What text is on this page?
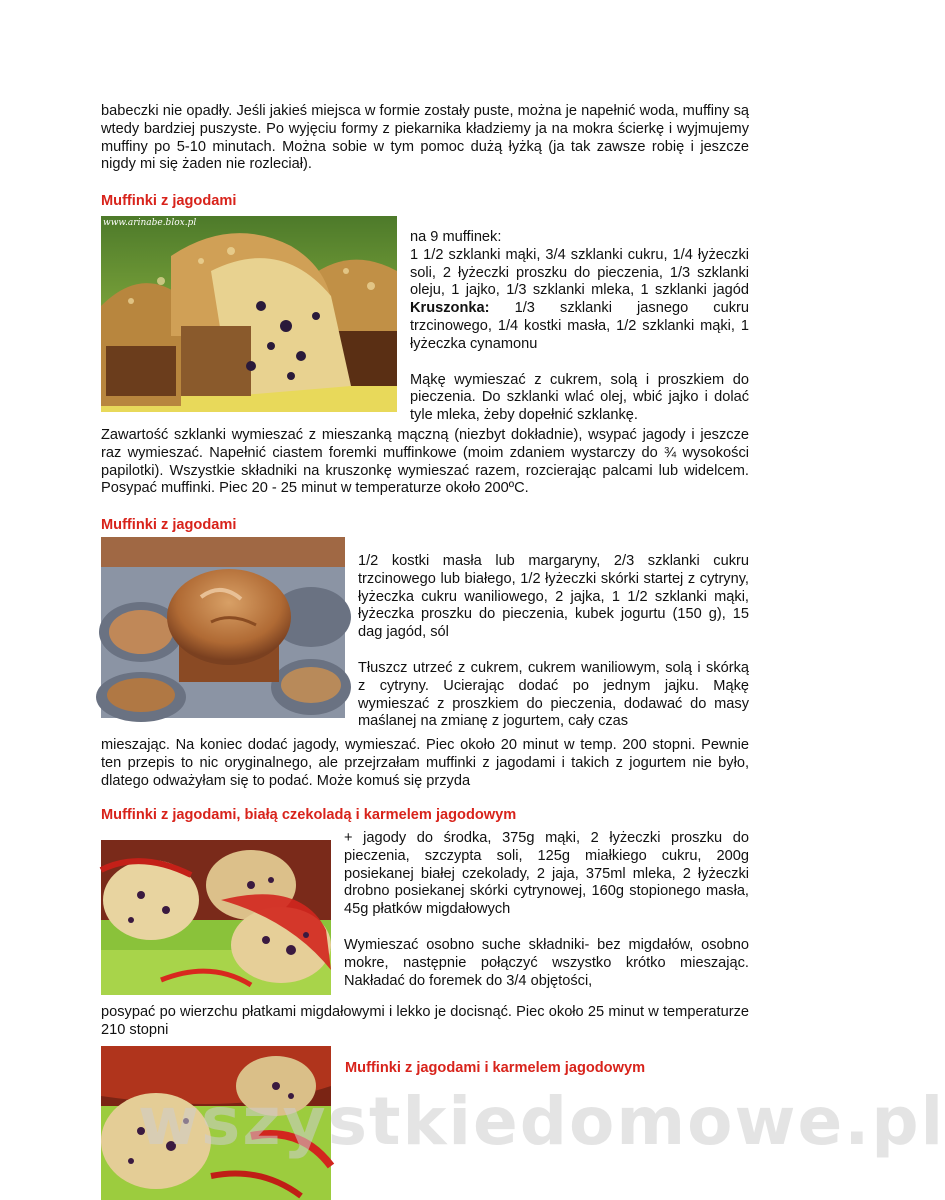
babeczki nie opadły. Jeśli jakieś miejsca w formie zostały puste, można je napełnić woda, muffiny są wtedy bardziej puszyste. Po wyjęciu formy z piekarnika kładziemy ja na mokra ścierkę i wyjmujemy muffiny po 5-10 minutach. Można sobie w tym pomoc dużą łyżką (ja tak zawsze robię i jeszcze nigdy mi się żaden nie rozleciał).

Muffinki z jagodami
www.arinabe.blox.pl

na 9 muffinek:

1 1/2 szklanki mąki, 3/4 szklanki cukru, 1/4 łyżeczki soli, 2 łyżeczki proszku do pieczenia, 1/3 szklanki oleju, 1 jajko, 1/3 szklanki mleka, 1 szklanki jagód Kruszonka: 1/3 szklanki jasnego cukru trzcinowego, 1/4 kostki masła, 1/2 szklanki mąki, 1 łyżeczka cynamonu

Mąkę wymieszać z cukrem, solą i proszkiem do pieczenia. Do szklanki wlać olej, wbić jajko i dolać tyle mleka, żeby dopełnić szklankę.

Zawartość szklanki wymieszać z mieszanką mączną (niezbyt dokładnie), wsypać jagody i jeszcze raz wymieszać. Napełnić ciastem foremki muffinkowe (moim zdaniem wystarczy do ¾ wysokości papilotki). Wszystkie składniki na kruszonkę wymieszać razem, rozcierając palcami lub widelcem. Posypać muffinki. Piec 20 - 25 minut w temperaturze około 200ºC.

Muffinki z jagodami

1/2 kostki masła lub margaryny, 2/3 szklanki cukru trzcinowego lub białego, 1/2 łyżeczki skórki startej z cytryny, łyżeczka cukru waniliowego, 2 jajka, 1 1/2 szklanki mąki, łyżeczka proszku do pieczenia, kubek jogurtu (150 g), 15 dag jagód, sól

Tłuszcz utrzeć z cukrem, cukrem waniliowym, solą i skórką z cytryny. Ucierając dodać po jednym jajku. Mąkę wymieszać z proszkiem do pieczenia, dodawać do masy maślanej na zmianę z jogurtem, cały czas

mieszając. Na koniec dodać jagody, wymieszać. Piec około 20 minut w temp. 200 stopni. Pewnie ten przepis to nic oryginalnego, ale przejrzałam muffinki z jagodami i takich z jogurtem nie było, dlatego odważyłam się to podać. Może komuś się przyda

Muffinki z jagodami, białą czekoladą i karmelem jagodowym

+ jagody do środka, 375g mąki, 2 łyżeczki proszku do pieczenia, szczypta soli, 125g miałkiego cukru, 200g posiekanej białej czekolady, 2 jaja, 375ml mleka, 2 łyżeczki drobno posiekanej skórki cytrynowej, 160g stopionego masła, 45g płatków migdałowych

Wymieszać osobno suche składniki- bez migdałów, osobno mokre, następnie połączyć wszystko krótko mieszając. Nakładać do foremek do 3/4 objętości,

posypać po wierzchu płatkami migdałowymi i lekko je docisnąć. Piec około 25 minut w temperaturze 210 stopni

Muffinki z jagodami i karmelem jagodowym
wszystkiedomowe.pl
